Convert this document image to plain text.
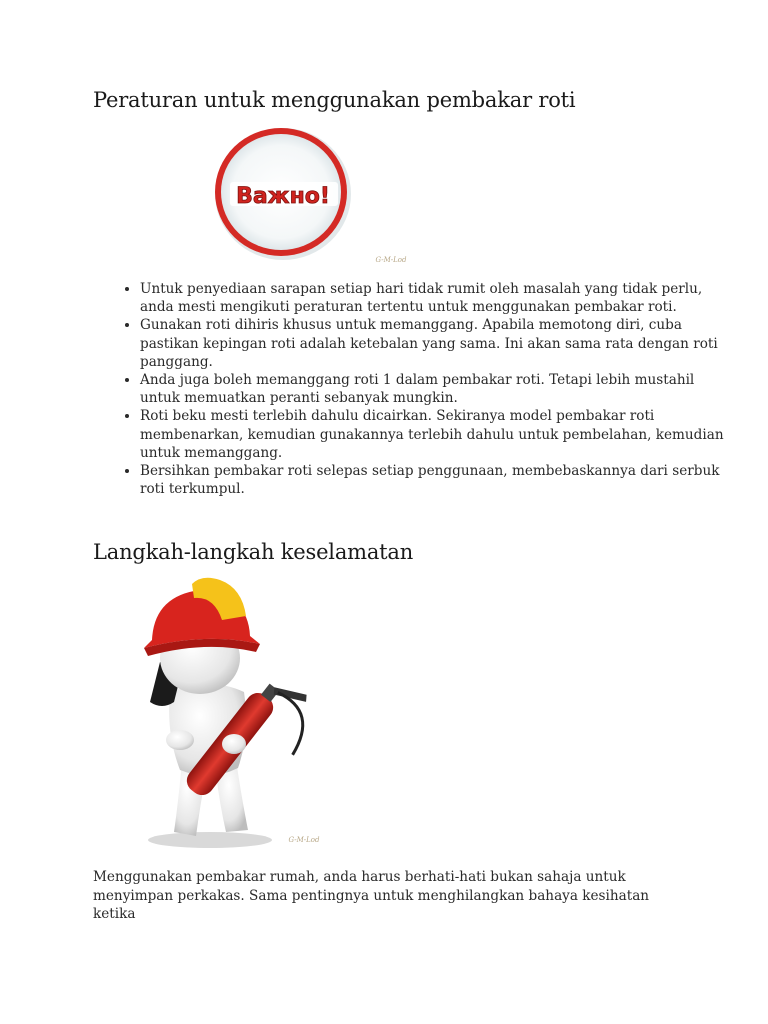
Peraturan untuk menggunakan pembakar roti
Важно!
G-M-Lod
• Untuk penyediaan sarapan setiap hari tidak rumit oleh masalah yang tidak perlu, anda mesti mengikuti peraturan tertentu untuk menggunakan pembakar roti.
• Gunakan roti dihiris khusus untuk memanggang. Apabila memotong diri, cuba pastikan kepingan roti adalah ketebalan yang sama. Ini akan sama rata dengan roti panggang.
• Anda juga boleh memanggang roti 1 dalam pembakar roti. Tetapi lebih mustahil untuk memuatkan peranti sebanyak mungkin.
• Roti beku mesti terlebih dahulu dicairkan. Sekiranya model pembakar roti membenarkan, kemudian gunakannya terlebih dahulu untuk pembelahan, kemudian untuk memanggang.
• Bersihkan pembakar roti selepas setiap penggunaan, membebaskannya dari serbuk roti terkumpul.
Langkah-langkah keselamatan
G-M-Lod

Menggunakan pembakar rumah, anda harus berhati-hati bukan sahaja untuk menyimpan perkakas. Sama pentingnya untuk menghilangkan bahaya kesihatan ketika
